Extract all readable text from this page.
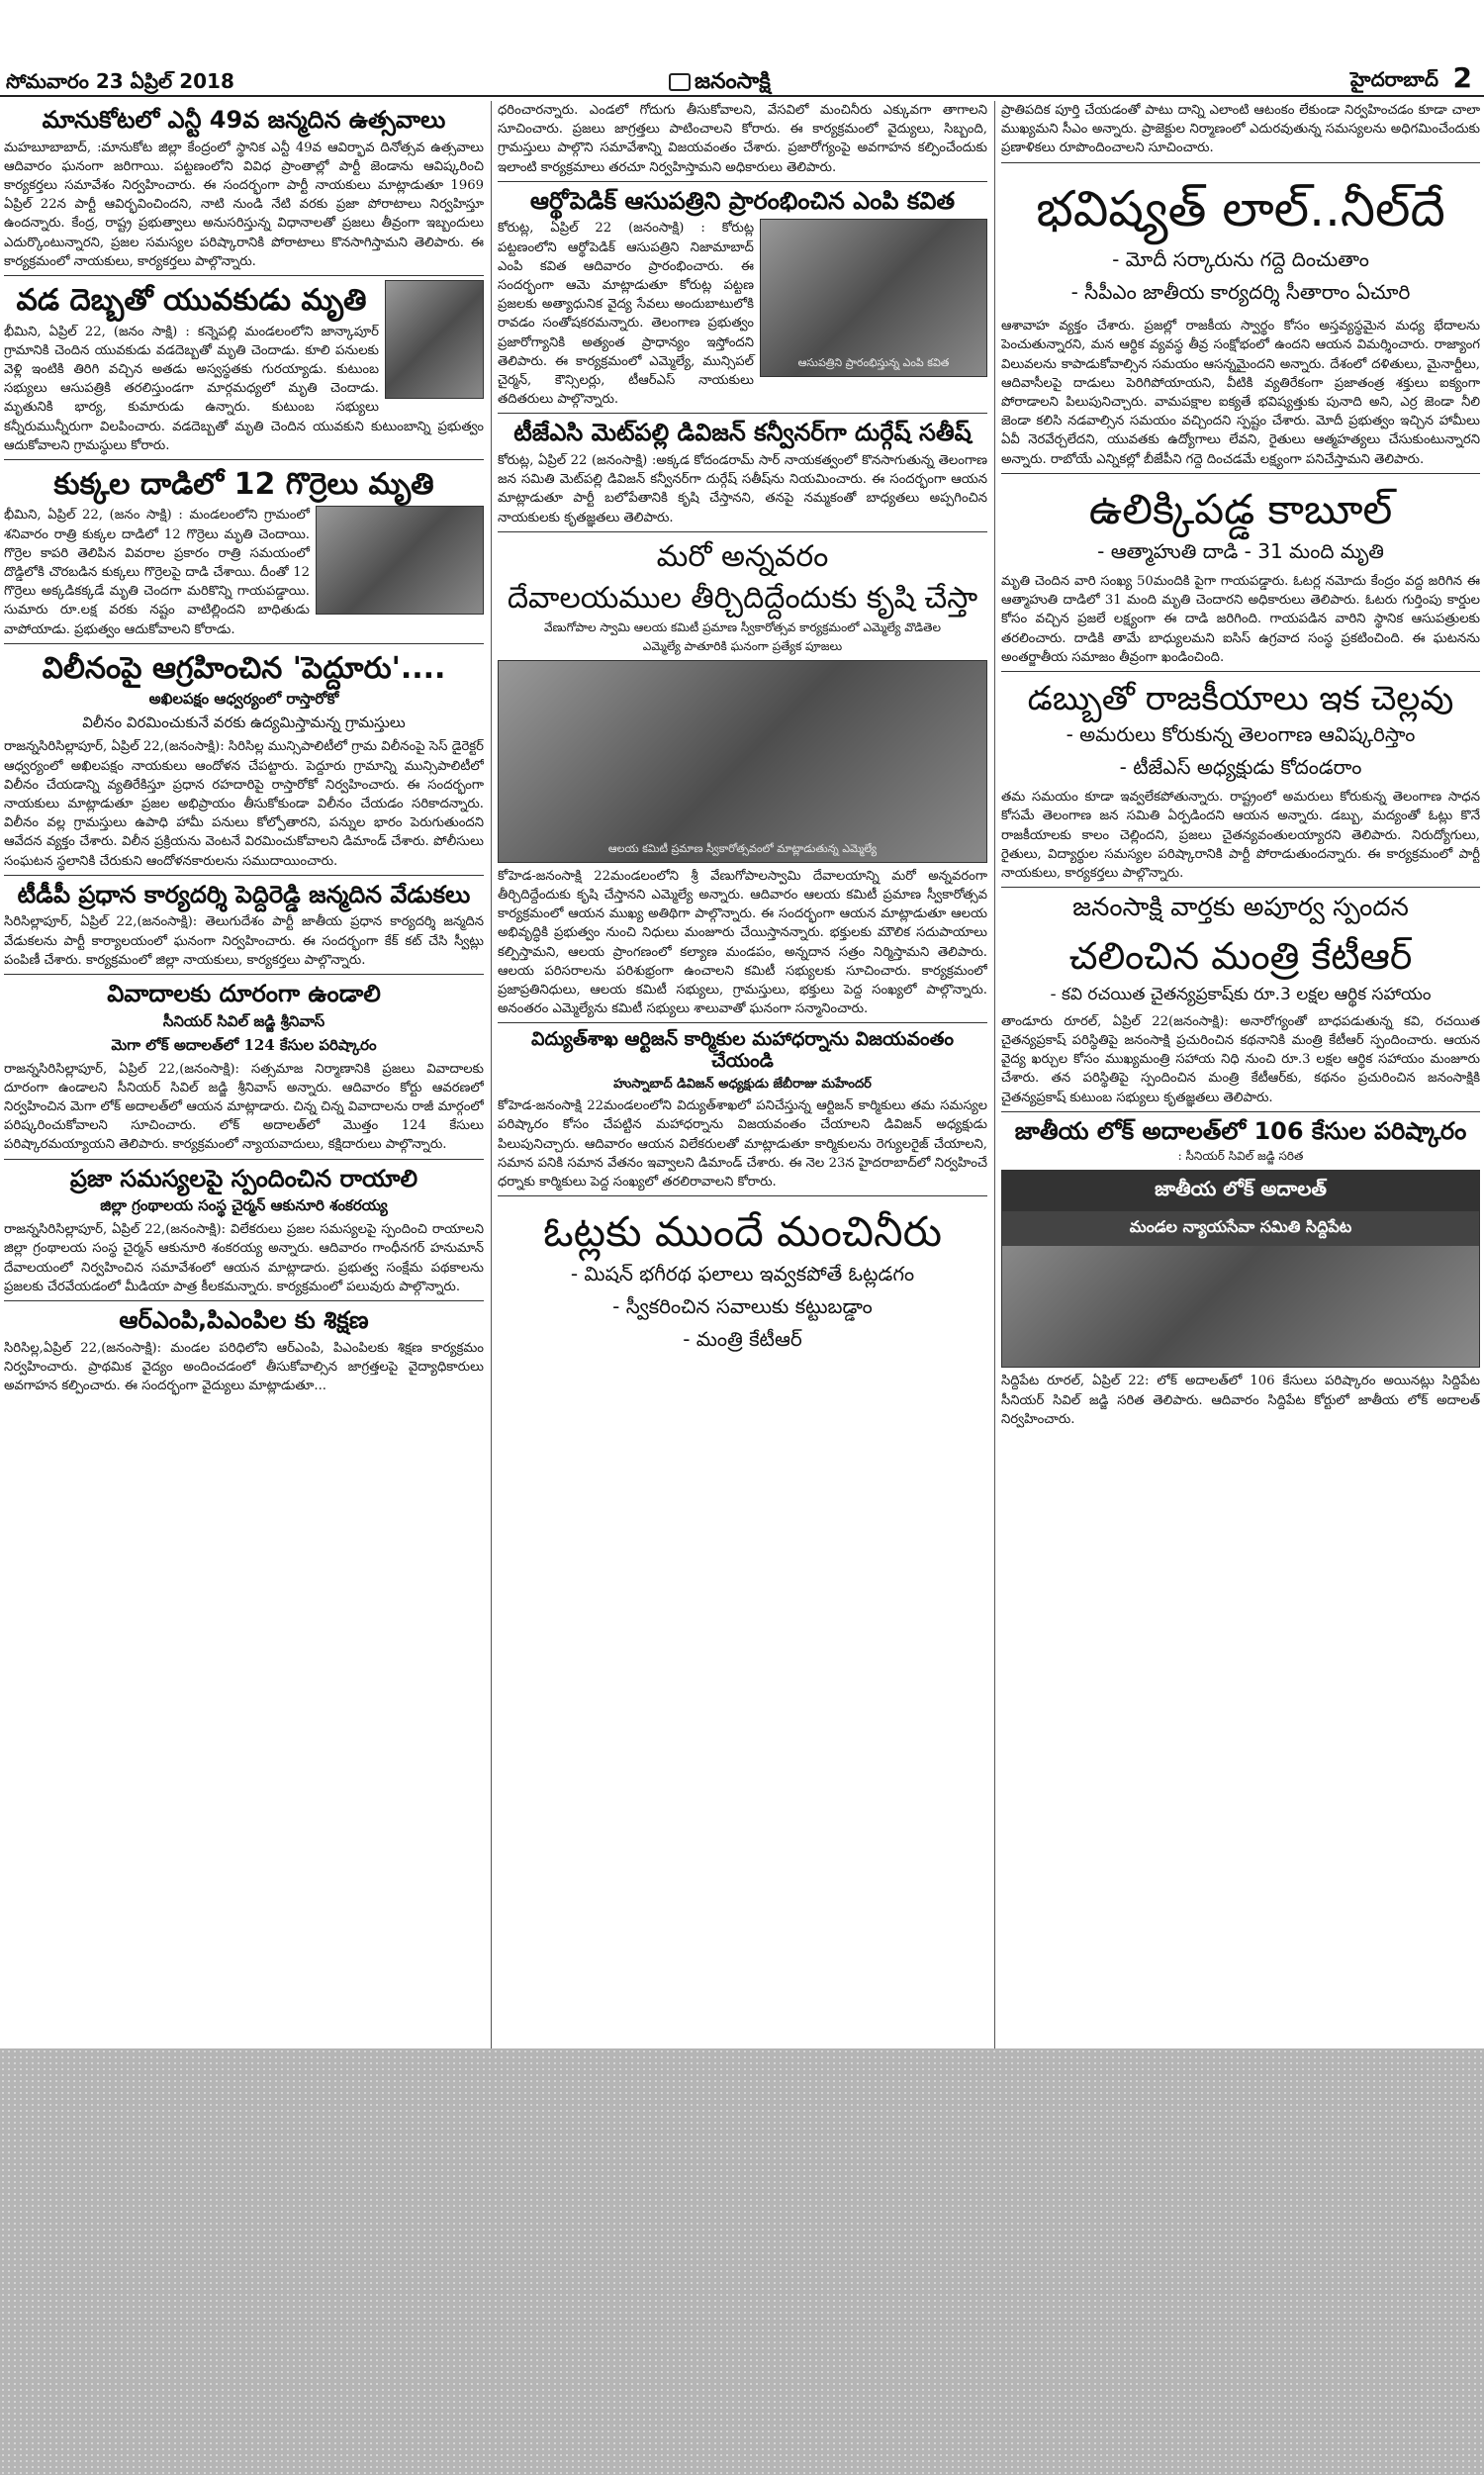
సోమవారం 23 ఏప్రిల్ 2018	జనంసాక్షి	హైదరాబాద్ 2
మానుకోటలో ఎన్టీ 49వ జన్మదిన ఉత్సవాలు

మహబూబాబాద్, :మానుకోట జిల్లా కేంద్రంలో స్థానిక ఎన్టీ 49వ ఆవిర్భావ దినోత్సవ ఉత్సవాలు ఆదివారం ఘనంగా జరిగాయి. పట్టణంలోని వివిధ ప్రాంతాల్లో పార్టీ జెండాను ఆవిష్కరించి కార్యకర్తలు సమావేశం నిర్వహించారు. ఈ సందర్భంగా పార్టీ నాయకులు మాట్లాడుతూ 1969 ఏప్రిల్ 22న పార్టీ ఆవిర్భవించిందని, నాటి నుండి నేటి వరకు ప్రజా పోరాటాలు నిర్వహిస్తూ ఉందన్నారు. కేంద్ర, రాష్ట్ర ప్రభుత్వాలు అనుసరిస్తున్న విధానాలతో ప్రజలు తీవ్రంగా ఇబ్బందులు ఎదుర్కొంటున్నారని, ప్రజల సమస్యల పరిష్కారానికి పోరాటాలు కొనసాగిస్తామని తెలిపారు. ఈ కార్యక్రమంలో నాయకులు, కార్యకర్తలు పాల్గొన్నారు.

వడ దెబ్బతో యువకుడు మృతి

భీమిని, ఏప్రిల్ 22, (జనం సాక్షి) : కన్నెపల్లి మండలంలోని జాన్కాపూర్ గ్రామానికి చెందిన యువకుడు వడదెబ్బతో మృతి చెందాడు. కూలి పనులకు వెళ్లి ఇంటికి తిరిగి వచ్చిన అతడు అస్వస్థతకు గురయ్యాడు. కుటుంబ సభ్యులు ఆసుపత్రికి తరలిస్తుండగా మార్గమధ్యలో మృతి చెందాడు. మృతునికి భార్య, కుమారుడు ఉన్నారు. కుటుంబ సభ్యులు కన్నీరుమున్నీరుగా విలపించారు. వడదెబ్బతో మృతి చెందిన యువకుని కుటుంబాన్ని ప్రభుత్వం ఆదుకోవాలని గ్రామస్థులు కోరారు.

కుక్కల దాడిలో 12 గొర్రెలు మృతి

భీమిని, ఏప్రిల్ 22, (జనం సాక్షి) : మండలంలోని గ్రామంలో శనివారం రాత్రి కుక్కల దాడిలో 12 గొర్రెలు మృతి చెందాయి. గొర్రెల కాపరి తెలిపిన వివరాల ప్రకారం రాత్రి సమయంలో దొడ్డిలోకి చొరబడిన కుక్కలు గొర్రెలపై దాడి చేశాయి. దీంతో 12 గొర్రెలు అక్కడికక్కడే మృతి చెందగా మరికొన్ని గాయపడ్డాయి. సుమారు రూ.లక్ష వరకు నష్టం వాటిల్లిందని బాధితుడు వాపోయాడు. ప్రభుత్వం ఆదుకోవాలని కోరాడు.

విలీనంపై ఆగ్రహించిన 'పెద్దూరు'....
అఖిలపక్షం ఆధ్వర్యంలో రాస్తారోకో
విలీనం విరమించుకునే వరకు ఉద్యమిస్తామన్న గ్రామస్తులు

రాజన్నసిరిసిల్లాపూర్, ఏప్రిల్ 22,(జనంసాక్షి): సిరిసిల్ల మున్సిపాలిటీలో గ్రామ విలీనంపై సెస్ డైరెక్టర్ ఆధ్వర్యంలో అఖిలపక్షం నాయకులు ఆందోళన చేపట్టారు. పెద్దూరు గ్రామాన్ని మున్సిపాలిటీలో విలీనం చేయడాన్ని వ్యతిరేకిస్తూ ప్రధాన రహదారిపై రాస్తారోకో నిర్వహించారు. ఈ సందర్భంగా నాయకులు మాట్లాడుతూ ప్రజల అభిప్రాయం తీసుకోకుండా విలీనం చేయడం సరికాదన్నారు. విలీనం వల్ల గ్రామస్తులు ఉపాధి హామీ పనులు కోల్పోతారని, పన్నుల భారం పెరుగుతుందని ఆవేదన వ్యక్తం చేశారు. విలీన ప్రక్రియను వెంటనే విరమించుకోవాలని డిమాండ్ చేశారు. పోలీసులు సంఘటన స్థలానికి చేరుకుని ఆందోళనకారులను సముదాయించారు.

టీడీపీ ప్రధాన కార్యదర్శి పెద్దిరెడ్డి జన్మదిన వేడుకలు

సిరిసిల్లాపూర్, ఏప్రిల్ 22,(జనంసాక్షి): తెలుగుదేశం పార్టీ జాతీయ ప్రధాన కార్యదర్శి జన్మదిన వేడుకలను పార్టీ కార్యాలయంలో ఘనంగా నిర్వహించారు. ఈ సందర్భంగా కేక్ కట్ చేసి స్వీట్లు పంపిణీ చేశారు. కార్యక్రమంలో జిల్లా నాయకులు, కార్యకర్తలు పాల్గొన్నారు.

వివాదాలకు దూరంగా ఉండాలి
సీనియర్ సివిల్ జడ్జి శ్రీనివాస్
మెగా లోక్ అదాలత్‌లో 124 కేసుల పరిష్కారం

రాజన్నసిరిసిల్లాపూర్, ఏప్రిల్ 22,(జనంసాక్షి): సత్సమాజ నిర్మాణానికి ప్రజలు వివాదాలకు దూరంగా ఉండాలని సీనియర్ సివిల్ జడ్జి శ్రీనివాస్ అన్నారు. ఆదివారం కోర్టు ఆవరణలో నిర్వహించిన మెగా లోక్ అదాలత్‌లో ఆయన మాట్లాడారు. చిన్న చిన్న వివాదాలను రాజీ మార్గంలో పరిష్కరించుకోవాలని సూచించారు. లోక్ అదాలత్‌లో మొత్తం 124 కేసులు పరిష్కారమయ్యాయని తెలిపారు. కార్యక్రమంలో న్యాయవాదులు, కక్షిదారులు పాల్గొన్నారు.

ప్రజా సమస్యలపై స్పందించిన రాయాలి
జిల్లా గ్రంథాలయ సంస్థ చైర్మన్ ఆకునూరి శంకరయ్య

రాజన్నసిరిసిల్లాపూర్, ఏప్రిల్ 22,(జనంసాక్షి): విలేకరులు ప్రజల సమస్యలపై స్పందించి రాయాలని జిల్లా గ్రంథాలయ సంస్థ చైర్మన్ ఆకునూరి శంకరయ్య అన్నారు. ఆదివారం గాంధీనగర్ హనుమాన్ దేవాలయంలో నిర్వహించిన సమావేశంలో ఆయన మాట్లాడారు. ప్రభుత్వ సంక్షేమ పథకాలను ప్రజలకు చేరవేయడంలో మీడియా పాత్ర కీలకమన్నారు. కార్యక్రమంలో పలువురు పాల్గొన్నారు.

ఆర్ఎంపి,పిఎంపిల కు శిక్షణ

సిరిసిల్ల,ఏప్రిల్ 22,(జనంసాక్షి): మండల పరిధిలోని ఆర్ఎంపి, పిఎంపిలకు శిక్షణ కార్యక్రమం నిర్వహించారు. ప్రాథమిక వైద్యం అందించడంలో తీసుకోవాల్సిన జాగ్రత్తలపై వైద్యాధికారులు అవగాహన కల్పించారు. ఈ సందర్భంగా వైద్యులు మాట్లాడుతూ...

ధరించారన్నారు. ఎండలో గోదుగు తీసుకోవాలని, వేసవిలో మంచినీరు ఎక్కువగా తాగాలని సూచించారు. ప్రజలు జాగ్రత్తలు పాటించాలని కోరారు. ఈ కార్యక్రమంలో వైద్యులు, సిబ్బంది, గ్రామస్తులు పాల్గొని సమావేశాన్ని విజయవంతం చేశారు. ప్రజారోగ్యంపై అవగాహన కల్పించేందుకు ఇలాంటి కార్యక్రమాలు తరచూ నిర్వహిస్తామని అధికారులు తెలిపారు.

ఆర్థోపెడిక్ ఆసుపత్రిని ప్రారంభించిన ఎంపి కవిత
ఆసుపత్రిని ప్రారంభిస్తున్న ఎంపి కవిత

కోరుట్ల, ఏప్రిల్ 22 (జనంసాక్షి) : కోరుట్ల పట్టణంలోని ఆర్థోపెడిక్ ఆసుపత్రిని నిజామాబాద్ ఎంపి కవిత ఆదివారం ప్రారంభించారు. ఈ సందర్భంగా ఆమె మాట్లాడుతూ కోరుట్ల పట్టణ ప్రజలకు అత్యాధునిక వైద్య సేవలు అందుబాటులోకి రావడం సంతోషకరమన్నారు. తెలంగాణ ప్రభుత్వం ప్రజారోగ్యానికి అత్యంత ప్రాధాన్యం ఇస్తోందని తెలిపారు. ఈ కార్యక్రమంలో ఎమ్మెల్యే, మున్సిపల్ చైర్మన్, కౌన్సిలర్లు, టీఆర్ఎస్ నాయకులు తదితరులు పాల్గొన్నారు.

టీజేఎసి మెట్‌పల్లి డివిజన్ కన్వీనర్‌గా దుర్గేష్ సతీష్

కోరుట్ల, ఏప్రిల్ 22 (జనంసాక్షి) :అక్కడ కోదండరామ్ సార్ నాయకత్వంలో కొనసాగుతున్న తెలంగాణ జన సమితి మెట్‌పల్లి డివిజన్ కన్వీనర్‌గా దుర్గేష్ సతీష్‌ను నియమించారు. ఈ సందర్భంగా ఆయన మాట్లాడుతూ పార్టీ బలోపేతానికి కృషి చేస్తానని, తనపై నమ్మకంతో బాధ్యతలు అప్పగించిన నాయకులకు కృతజ్ఞతలు తెలిపారు.

మరో అన్నవరం
దేవాలయముల తీర్చిదిద్దేందుకు కృషి చేస్తా
వేణుగోపాల స్వామి ఆలయ కమిటీ ప్రమాణ స్వీకారోత్సవ కార్యక్రమంలో ఎమ్మెల్యే వొడితెల
ఎమ్మెల్యే పాతూరికి ఘనంగా ప్రత్యేక పూజలు
ఆలయ కమిటీ ప్రమాణ స్వీకారోత్సవంలో మాట్లాడుతున్న ఎమ్మెల్యే

కోహెడ-జనంసాక్షి 22మండలంలోని శ్రీ వేణుగోపాలస్వామి దేవాలయాన్ని మరో అన్నవరంగా తీర్చిదిద్దేందుకు కృషి చేస్తానని ఎమ్మెల్యే అన్నారు. ఆదివారం ఆలయ కమిటీ ప్రమాణ స్వీకారోత్సవ కార్యక్రమంలో ఆయన ముఖ్య అతిథిగా పాల్గొన్నారు. ఈ సందర్భంగా ఆయన మాట్లాడుతూ ఆలయ అభివృద్ధికి ప్రభుత్వం నుంచి నిధులు మంజూరు చేయిస్తానన్నారు. భక్తులకు మౌలిక సదుపాయాలు కల్పిస్తామని, ఆలయ ప్రాంగణంలో కల్యాణ మండపం, అన్నదాన సత్రం నిర్మిస్తామని తెలిపారు. ఆలయ పరిసరాలను పరిశుభ్రంగా ఉంచాలని కమిటీ సభ్యులకు సూచించారు. కార్యక్రమంలో ప్రజాప్రతినిధులు, ఆలయ కమిటీ సభ్యులు, గ్రామస్తులు, భక్తులు పెద్ద సంఖ్యలో పాల్గొన్నారు. అనంతరం ఎమ్మెల్యేను కమిటీ సభ్యులు శాలువాతో ఘనంగా సన్మానించారు.

విద్యుత్‌శాఖ ఆర్టిజన్ కార్మికుల మహాధర్నాను విజయవంతం చేయండి
హుస్నాబాద్ డివిజన్ అధ్యక్షుడు జేబీరాజు మహేందర్

కోహెడ-జనంసాక్షి 22మండలంలోని విద్యుత్‌శాఖలో పనిచేస్తున్న ఆర్టిజన్ కార్మికులు తమ సమస్యల పరిష్కారం కోసం చేపట్టిన మహాధర్నాను విజయవంతం చేయాలని డివిజన్ అధ్యక్షుడు పిలుపునిచ్చారు. ఆదివారం ఆయన విలేకరులతో మాట్లాడుతూ కార్మికులను రెగ్యులరైజ్ చేయాలని, సమాన పనికి సమాన వేతనం ఇవ్వాలని డిమాండ్ చేశారు. ఈ నెల 23న హైదరాబాద్‌లో నిర్వహించే ధర్నాకు కార్మికులు పెద్ద సంఖ్యలో తరలిరావాలని కోరారు.

ఓట్లకు ముందే మంచినీరు
- మిషన్ భగీరథ ఫలాలు ఇవ్వకపోతే ఓట్లడగం
- స్వీకరించిన సవాలుకు కట్టుబడ్డాం
- మంత్రి కేటీఆర్

ప్రాతిపదిక పూర్తి చేయడంతో పాటు దాన్ని ఎలాంటి ఆటంకం లేకుండా నిర్వహించడం కూడా చాలా ముఖ్యమని సీఎం అన్నారు. ప్రాజెక్టుల నిర్మాణంలో ఎదురవుతున్న సమస్యలను అధిగమించేందుకు ప్రణాళికలు రూపొందించాలని సూచించారు.

భవిష్యత్ లాల్..నీల్‌దే
- మోదీ సర్కారును గద్దె దించుతాం
- సీపీఎం జాతీయ కార్యదర్శి సీతారాం ఏచూరి

ఆశావాహ వ్యక్తం చేశారు. ప్రజల్లో రాజకీయ స్వార్థం కోసం అస్తవ్యస్థమైన మధ్య భేదాలను పెంచుతున్నారని, మన ఆర్థిక వ్యవస్థ తీవ్ర సంక్షోభంలో ఉందని ఆయన విమర్శించారు. రాజ్యాంగ విలువలను కాపాడుకోవాల్సిన సమయం ఆసన్నమైందని అన్నారు. దేశంలో దళితులు, మైనార్టీలు, ఆదివాసీలపై దాడులు పెరిగిపోయాయని, వీటికి వ్యతిరేకంగా ప్రజాతంత్ర శక్తులు ఐక్యంగా పోరాడాలని పిలుపునిచ్చారు. వామపక్షాల ఐక్యతే భవిష్యత్తుకు పునాది అని, ఎర్ర జెండా నీలి జెండా కలిసి నడవాల్సిన సమయం వచ్చిందని స్పష్టం చేశారు. మోదీ ప్రభుత్వం ఇచ్చిన హామీలు ఏవీ నెరవేర్చలేదని, యువతకు ఉద్యోగాలు లేవని, రైతులు ఆత్మహత్యలు చేసుకుంటున్నారని అన్నారు. రాబోయే ఎన్నికల్లో బీజేపీని గద్దె దించడమే లక్ష్యంగా పనిచేస్తామని తెలిపారు.

ఉలిక్కిపడ్డ కాబూల్
- ఆత్మాహుతి దాడి - 31 మంది మృతి

మృతి చెందిన వారి సంఖ్య 50మందికి పైగా గాయపడ్డారు. ఓటర్ల నమోదు కేంద్రం వద్ద జరిగిన ఈ ఆత్మాహుతి దాడిలో 31 మంది మృతి చెందారని అధికారులు తెలిపారు. ఓటరు గుర్తింపు కార్డుల కోసం వచ్చిన ప్రజలే లక్ష్యంగా ఈ దాడి జరిగింది. గాయపడిన వారిని స్థానిక ఆసుపత్రులకు తరలించారు. దాడికి తామే బాధ్యులమని ఐసిస్ ఉగ్రవాద సంస్థ ప్రకటించింది. ఈ ఘటనను అంతర్జాతీయ సమాజం తీవ్రంగా ఖండించింది.

డబ్బుతో రాజకీయాలు ఇక చెల్లవు
- అమరులు కోరుకున్న తెలంగాణ ఆవిష్కరిస్తాం
- టీజేఎస్ అధ్యక్షుడు కోదండరాం

తమ సమయం కూడా ఇవ్వలేకపోతున్నారు. రాష్ట్రంలో అమరులు కోరుకున్న తెలంగాణ సాధన కోసమే తెలంగాణ జన సమితి ఏర్పడిందని ఆయన అన్నారు. డబ్బు, మద్యంతో ఓట్లు కొనే రాజకీయాలకు కాలం చెల్లిందని, ప్రజలు చైతన్యవంతులయ్యారని తెలిపారు. నిరుద్యోగులు, రైతులు, విద్యార్థుల సమస్యల పరిష్కారానికి పార్టీ పోరాడుతుందన్నారు. ఈ కార్యక్రమంలో పార్టీ నాయకులు, కార్యకర్తలు పాల్గొన్నారు.

జనంసాక్షి వార్తకు అపూర్వ స్పందన
చలించిన మంత్రి కేటీఆర్
- కవి రచయిత చైతన్యప్రకాష్‌కు రూ.3 లక్షల ఆర్థిక సహాయం

తాండూరు రూరల్, ఏప్రిల్ 22(జనంసాక్షి): అనారోగ్యంతో బాధపడుతున్న కవి, రచయిత చైతన్యప్రకాష్ పరిస్థితిపై జనంసాక్షి ప్రచురించిన కథనానికి మంత్రి కేటీఆర్ స్పందించారు. ఆయన వైద్య ఖర్చుల కోసం ముఖ్యమంత్రి సహాయ నిధి నుంచి రూ.3 లక్షల ఆర్థిక సహాయం మంజూరు చేశారు. తన పరిస్థితిపై స్పందించిన మంత్రి కేటీఆర్‌కు, కథనం ప్రచురించిన జనంసాక్షికి చైతన్యప్రకాష్ కుటుంబ సభ్యులు కృతజ్ఞతలు తెలిపారు.

జాతీయ లోక్ అదాలత్‌లో 106 కేసుల పరిష్కారం
: సీనియర్ సివిల్ జడ్జి సరిత
జాతీయ లోక్ అదాలత్
మండల న్యాయసేవా సమితి సిద్దిపేట

సిద్దిపేట రూరల్, ఏప్రిల్ 22: లోక్ అదాలత్‌లో 106 కేసులు పరిష్కారం అయినట్లు సిద్దిపేట సీనియర్ సివిల్ జడ్జి సరిత తెలిపారు. ఆదివారం సిద్దిపేట కోర్టులో జాతీయ లోక్ అదాలత్ నిర్వహించారు.
